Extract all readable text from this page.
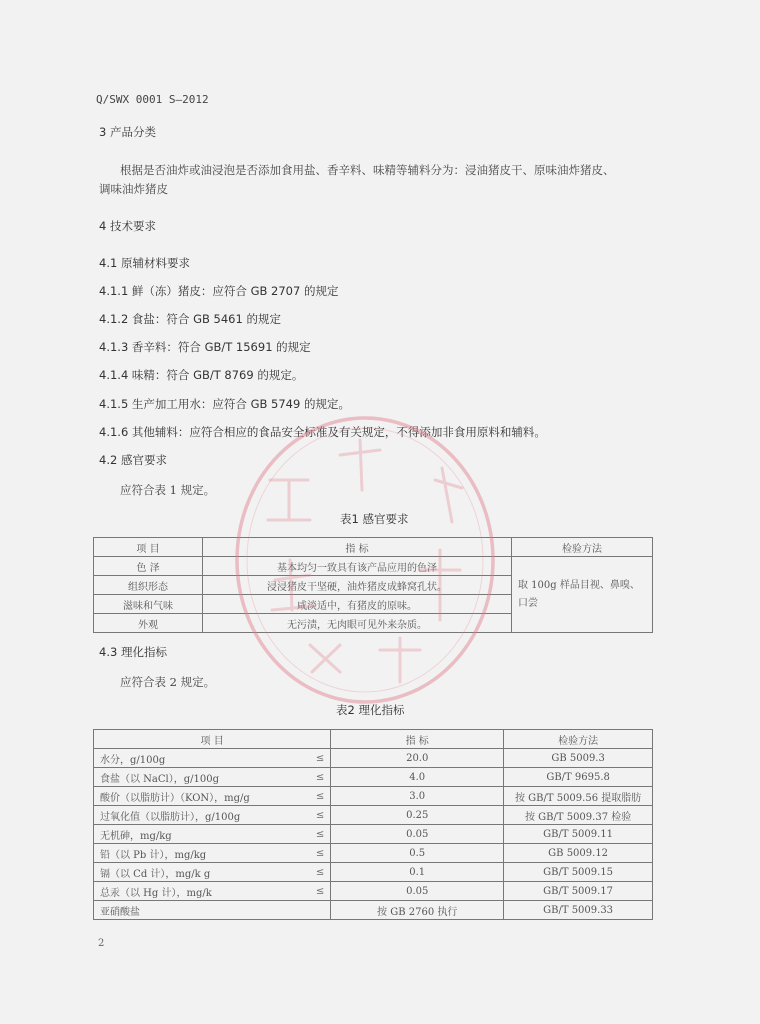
Q/SWX 0001 S—2012
3 产品分类
根据是否油炸或油浸泡是否添加食用盐、香辛料、味精等辅料分为：浸油猪皮干、原味油炸猪皮、
调味油炸猪皮
4 技术要求
4.1 原辅材料要求
4.1.1 鲜（冻）猪皮：应符合 GB 2707 的规定
4.1.2 食盐：符合 GB 5461 的规定
4.1.3 香辛料：符合 GB/T 15691 的规定
4.1.4 味精：符合 GB/T 8769 的规定。
4.1.5 生产加工用水：应符合 GB 5749 的规定。
4.1.6 其他辅料：应符合相应的食品安全标准及有关规定，不得添加非食用原料和辅料。
4.2 感官要求
应符合表 1 规定。
表1 感官要求
项 目	指 标	检验方法
色 泽	基本均匀一致具有该产品应用的色泽	取 100g 样品目视、鼻嗅、
口尝

组织形态	浸浸猪皮干坚硬，油炸猪皮成蜂窝孔状。	
滋味和气味	咸淡适中，有猪皮的原味。	
外观	无污渍，无肉眼可见外来杂质。	
4.3 理化指标
应符合表 2 规定。
表2 理化指标
项 目		指 标	检验方法
水分，g/100g	≤	20.0	GB 5009.3
食盐（以 NaCl），g/100g	≤	4.0	GB/T 9695.8
酸价（以脂肪计）（KON），mg/g	≤	3.0	按 GB/T 5009.56 提取脂肪
过氧化值（以脂肪计），g/100g	≤	0.25	按 GB/T 5009.37 检验
无机砷，mg/kg	≤	0.05	GB/T 5009.11
铅（以 Pb 计），mg/kg	≤	0.5	GB 5009.12
镉（以 Cd 计），mg/k g	≤	0.1	GB/T 5009.15
总汞（以 Hg 计），mg/k	≤	0.05	GB/T 5009.17
亚硝酸盐		按 GB 2760 执行	GB/T 5009.33
2
